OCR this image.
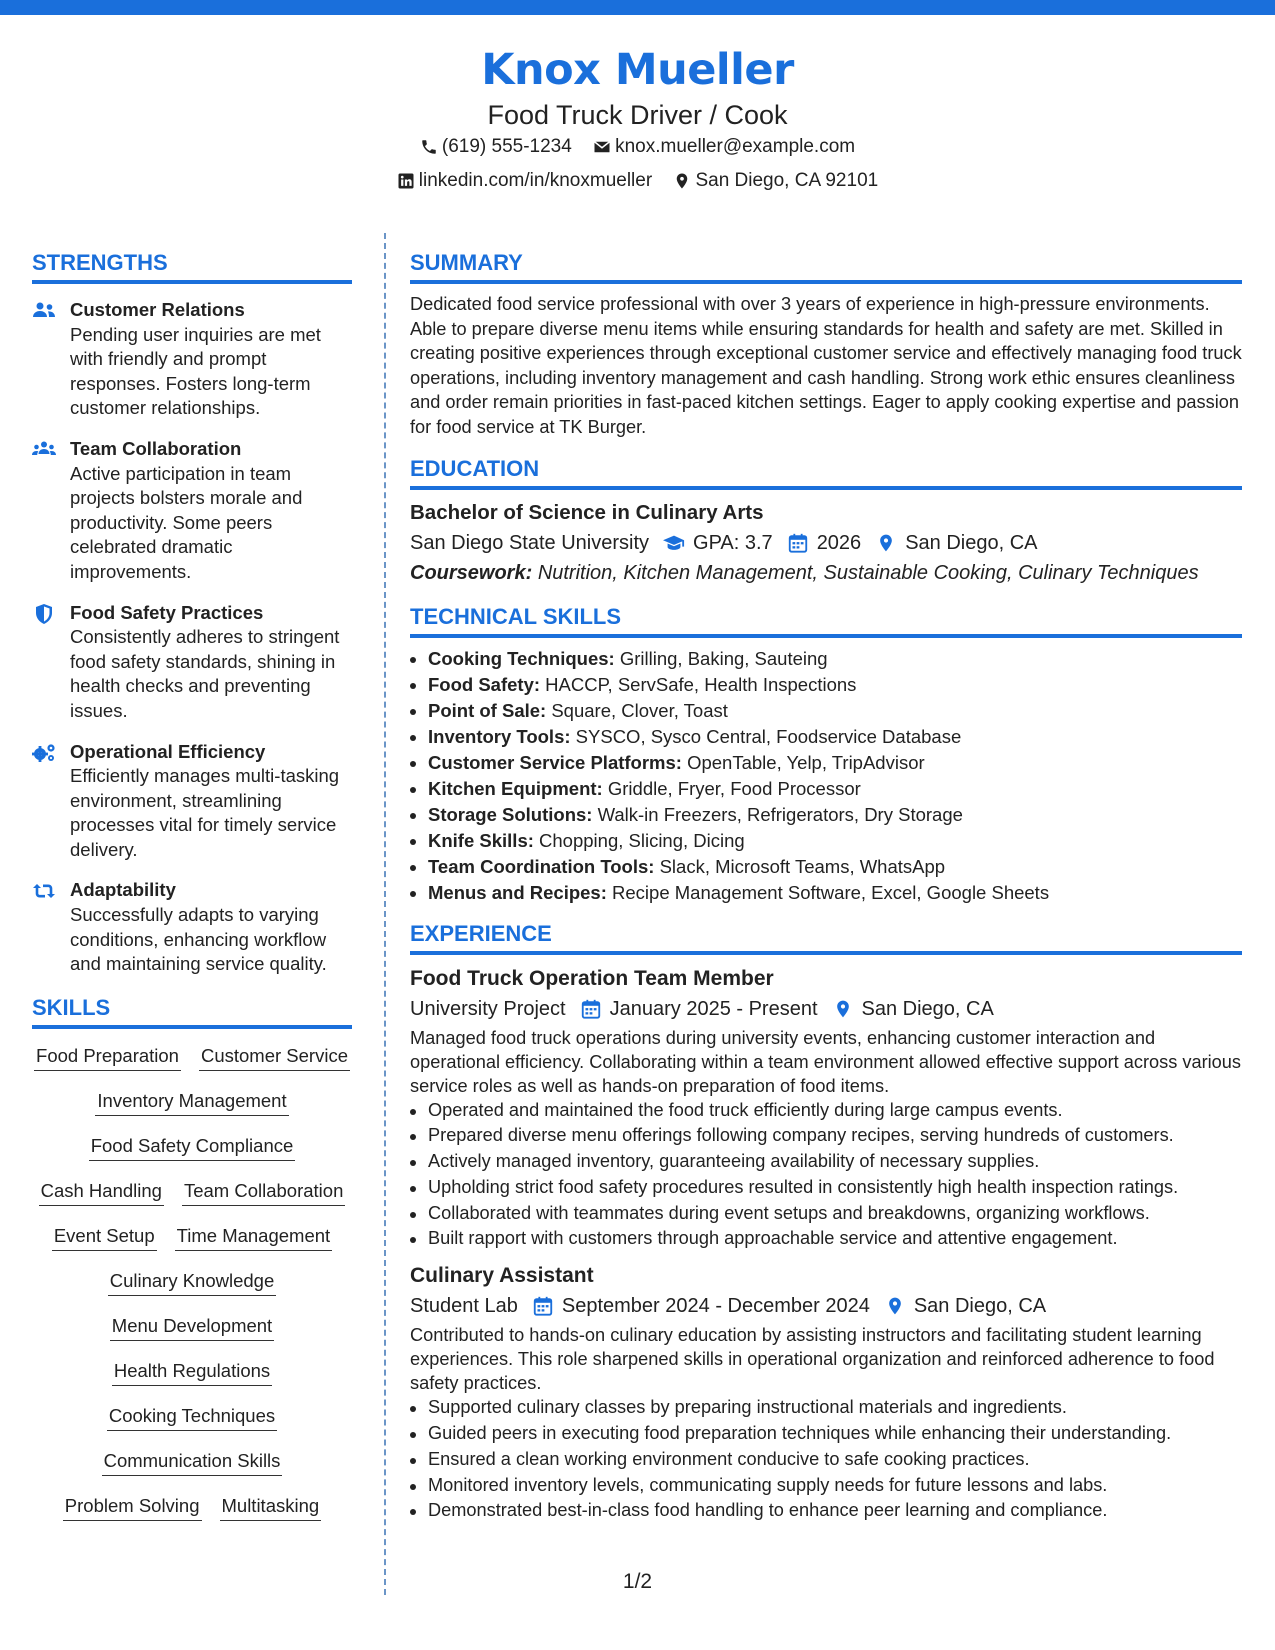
Knox Mueller
Food Truck Driver / Cook
(619) 555-1234
knox.mueller@example.com
linkedin.com/in/knoxmueller
San Diego, CA 92101
STRENGTHS
Customer Relations
Pending user inquiries are met with friendly and prompt responses. Fosters long-term customer relationships.
Team Collaboration
Active participation in team projects bolsters morale and productivity. Some peers celebrated dramatic improvements.
Food Safety Practices
Consistently adheres to stringent food safety standards, shining in health checks and preventing issues.
Operational Efficiency
Efficiently manages multi-tasking environment, streamlining processes vital for timely service delivery.
Adaptability
Successfully adapts to varying conditions, enhancing workflow and maintaining service quality.
SKILLS
Food Preparation Customer Service
Inventory Management
Food Safety Compliance
Cash Handling Team Collaboration
Event Setup Time Management
Culinary Knowledge
Menu Development
Health Regulations
Cooking Techniques
Communication Skills
Problem Solving Multitasking
SUMMARY
Dedicated food service professional with over 3 years of experience in high-pressure environments. Able to prepare diverse menu items while ensuring standards for health and safety are met. Skilled in creating positive experiences through exceptional customer service and effectively managing food truck operations, including inventory management and cash handling. Strong work ethic ensures cleanliness and order remain priorities in fast-paced kitchen settings. Eager to apply cooking expertise and passion for food service at TK Burger.
EDUCATION
Bachelor of Science in Culinary Arts
San Diego State University GPA: 3.7 2026 San Diego, CA
Coursework: Nutrition, Kitchen Management, Sustainable Cooking, Culinary Techniques
TECHNICAL SKILLS
Cooking Techniques: Grilling, Baking, Sauteing
Food Safety: HACCP, ServSafe, Health Inspections
Point of Sale: Square, Clover, Toast
Inventory Tools: SYSCO, Sysco Central, Foodservice Database
Customer Service Platforms: OpenTable, Yelp, TripAdvisor
Kitchen Equipment: Griddle, Fryer, Food Processor
Storage Solutions: Walk-in Freezers, Refrigerators, Dry Storage
Knife Skills: Chopping, Slicing, Dicing
Team Coordination Tools: Slack, Microsoft Teams, WhatsApp
Menus and Recipes: Recipe Management Software, Excel, Google Sheets
EXPERIENCE
Food Truck Operation Team Member
University Project January 2025 - Present San Diego, CA
Managed food truck operations during university events, enhancing customer interaction and operational efficiency. Collaborating within a team environment allowed effective support across various service roles as well as hands-on preparation of food items.
Operated and maintained the food truck efficiently during large campus events.
Prepared diverse menu offerings following company recipes, serving hundreds of customers.
Actively managed inventory, guaranteeing availability of necessary supplies.
Upholding strict food safety procedures resulted in consistently high health inspection ratings.
Collaborated with teammates during event setups and breakdowns, organizing workflows.
Built rapport with customers through approachable service and attentive engagement.
Culinary Assistant
Student Lab September 2024 - December 2024 San Diego, CA
Contributed to hands-on culinary education by assisting instructors and facilitating student learning experiences. This role sharpened skills in operational organization and reinforced adherence to food safety practices.
Supported culinary classes by preparing instructional materials and ingredients.
Guided peers in executing food preparation techniques while enhancing their understanding.
Ensured a clean working environment conducive to safe cooking practices.
Monitored inventory levels, communicating supply needs for future lessons and labs.
Demonstrated best-in-class food handling to enhance peer learning and compliance.
1/2
